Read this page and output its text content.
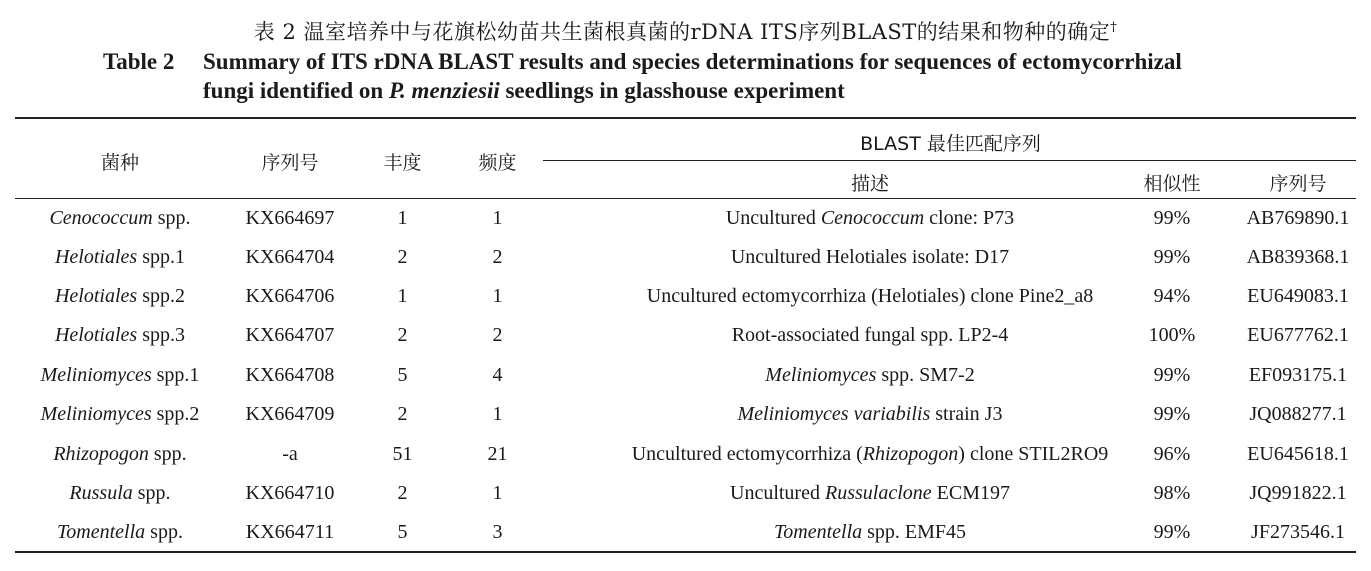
表 2 温室培养中与花旗松幼苗共生菌根真菌的rDNA ITS序列BLAST的结果和物种的确定†
Table 2 Summary of ITS rDNA BLAST results and species determinations for sequences of ectomycorrhizal
fungi identified on P. menziesii seedlings in glasshouse experiment
菌种	序列号	丰度	频度
BLAST 最佳匹配序列
描述	相似性	序列号
Cenococcum spp.	KX664697	1	1	Uncultured Cenococcum clone: P73	99%	AB769890.1
Helotiales spp.1	KX664704	2	2	Uncultured Helotiales isolate: D17	99%	AB839368.1
Helotiales spp.2	KX664706	1	1	Uncultured ectomycorrhiza (Helotiales) clone Pine2_a8	94%	EU649083.1
Helotiales spp.3	KX664707	2	2	Root-associated fungal spp. LP2-4	100%	EU677762.1
Meliniomyces spp.1	KX664708	5	4	Meliniomyces spp. SM7-2	99%	EF093175.1
Meliniomyces spp.2	KX664709	2	1	Meliniomyces variabilis strain J3	99%	JQ088277.1
Rhizopogon spp.	-a	51	21	Uncultured ectomycorrhiza (Rhizopogon) clone STIL2RO9	96%	EU645618.1
Russula spp.	KX664710	2	1	Uncultured Russulaclone ECM197	98%	JQ991822.1
Tomentella spp.	KX664711	5	3	Tomentella spp. EMF45	99%	JF273546.1
